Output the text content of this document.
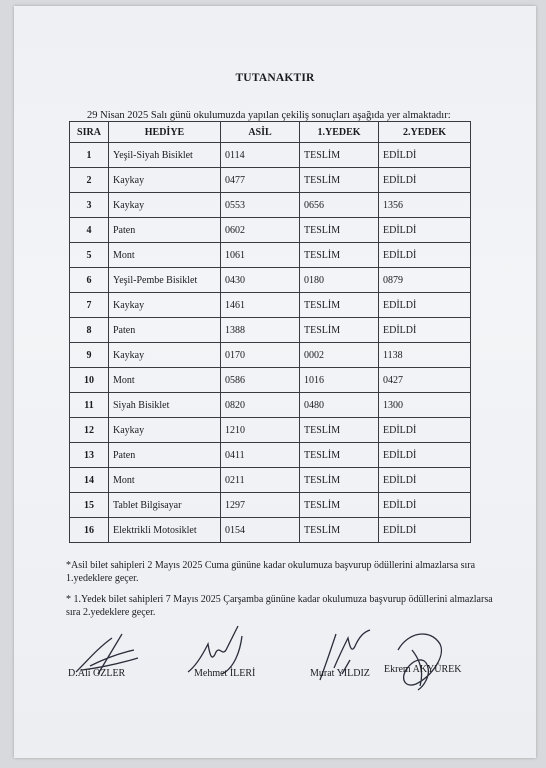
TUTANAKTIR
29 Nisan 2025 Salı günü okulumuzda yapılan çekiliş sonuçları aşağıda yer almaktadır:
SIRA	HEDİYE	ASİL	1.YEDEK	2.YEDEK
1	Yeşil-Siyah Bisiklet	0114	TESLİM	EDİLDİ
2	Kaykay	0477	TESLİM	EDİLDİ
3	Kaykay	0553	0656	1356
4	Paten	0602	TESLİM	EDİLDİ
5	Mont	1061	TESLİM	EDİLDİ
6	Yeşil-Pembe Bisiklet	0430	0180	0879
7	Kaykay	1461	TESLİM	EDİLDİ
8	Paten	1388	TESLİM	EDİLDİ
9	Kaykay	0170	0002	1138
10	Mont	0586	1016	0427
11	Siyah Bisiklet	0820	0480	1300
12	Kaykay	1210	TESLİM	EDİLDİ
13	Paten	0411	TESLİM	EDİLDİ
14	Mont	0211	TESLİM	EDİLDİ
15	Tablet Bilgisayar	1297	TESLİM	EDİLDİ
16	Elektrikli Motosiklet	0154	TESLİM	EDİLDİ
*Asil bilet sahipleri 2 Mayıs 2025 Cuma gününe kadar okulumuza başvurup ödüllerini almazlarsa sıra 1.yedeklere geçer.
* 1.Yedek bilet sahipleri 7 Mayıs 2025 Çarşamba gününe kadar okulumuza başvurup ödüllerini almazlarsa sıra 2.yedeklere geçer.
D.Ali ÖZLER	Mehmet İLERİ	Murat YILDIZ Ekrem AKYÜREK
